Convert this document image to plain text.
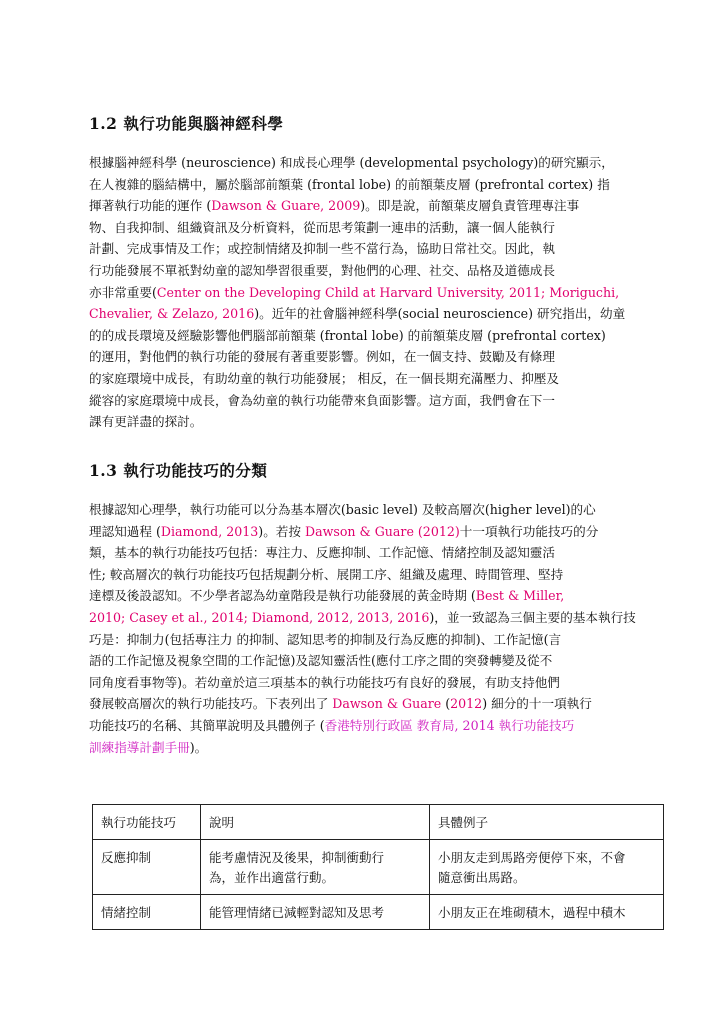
1.2 執行功能與腦神經科學
根據腦神經科學 (neuroscience) 和成長心理學 (developmental psychology)的研究顯示，
在人複雜的腦結構中，屬於腦部前額葉 (frontal lobe) 的前額葉皮層 (prefrontal cortex) 指
揮著執行功能的運作 (Dawson & Guare, 2009)。即是說，前額葉皮層負責管理專注事
物、自我抑制、組織資訊及分析資料，從而思考策劃一連串的活動，讓一個人能執行
計劃、完成事情及工作；或控制情緒及抑制一些不當行為，協助日常社交。因此，執
行功能發展不單祇對幼童的認知學習很重要，對他們的心理、社交、品格及道德成長
亦非常重要(Center on the Developing Child at Harvard University, 2011; Moriguchi,
Chevalier, & Zelazo, 2016)。近年的社會腦神經科學(social neuroscience) 研究指出，幼童
的的成長環境及經驗影響他們腦部前額葉 (frontal lobe) 的前額葉皮層 (prefrontal cortex)
的運用，對他們的執行功能的發展有著重要影響。例如，在一個支持、鼓勵及有條理
的家庭環境中成長，有助幼童的執行功能發展； 相反，在一個長期充滿壓力、抑壓及
縱容的家庭環境中成長，會為幼童的執行功能帶來負面影響。這方面，我們會在下一
課有更詳盡的探討。
1.3 執行功能技巧的分類
根據認知心理學，執行功能可以分為基本層次(basic level) 及較高層次(higher level)的心
理認知過程 (Diamond, 2013)。若按 Dawson & Guare (2012)十一項執行功能技巧的分
類，基本的執行功能技巧包括：專注力、反應抑制、工作記憶、情緒控制及認知靈活
性; 較高層次的執行功能技巧包括規劃分析、展開工序、組織及處理、時間管理、堅持
達標及後設認知。不少學者認為幼童階段是執行功能發展的黃金時期 (Best & Miller,
2010; Casey et al., 2014; Diamond, 2012, 2013, 2016)，並一致認為三個主要的基本執行技
巧是：抑制力(包括專注力 的抑制、認知思考的抑制及行為反應的抑制)、工作記憶(言
語的工作記憶及視象空間的工作記憶)及認知靈活性(應付工序之間的突發轉變及從不
同角度看事物等)。若幼童於這三項基本的執行功能技巧有良好的發展，有助支持他們
發展較高層次的執行功能技巧。下表列出了 Dawson & Guare (2012) 細分的十一項執行
功能技巧的名稱、其簡單說明及具體例子 (香港特別行政區 教育局, 2014 執行功能技巧
訓練指導計劃手冊)。
執行功能技巧	說明	具體例子

反應抑制	能考慮情況及後果，抑制衝動行
為，並作出適當行動。	小朋友走到馬路旁便停下來，不會
隨意衝出馬路。

情緒控制	能管理情緒已減輕對認知及思考	小朋友正在堆砌積木，過程中積木
